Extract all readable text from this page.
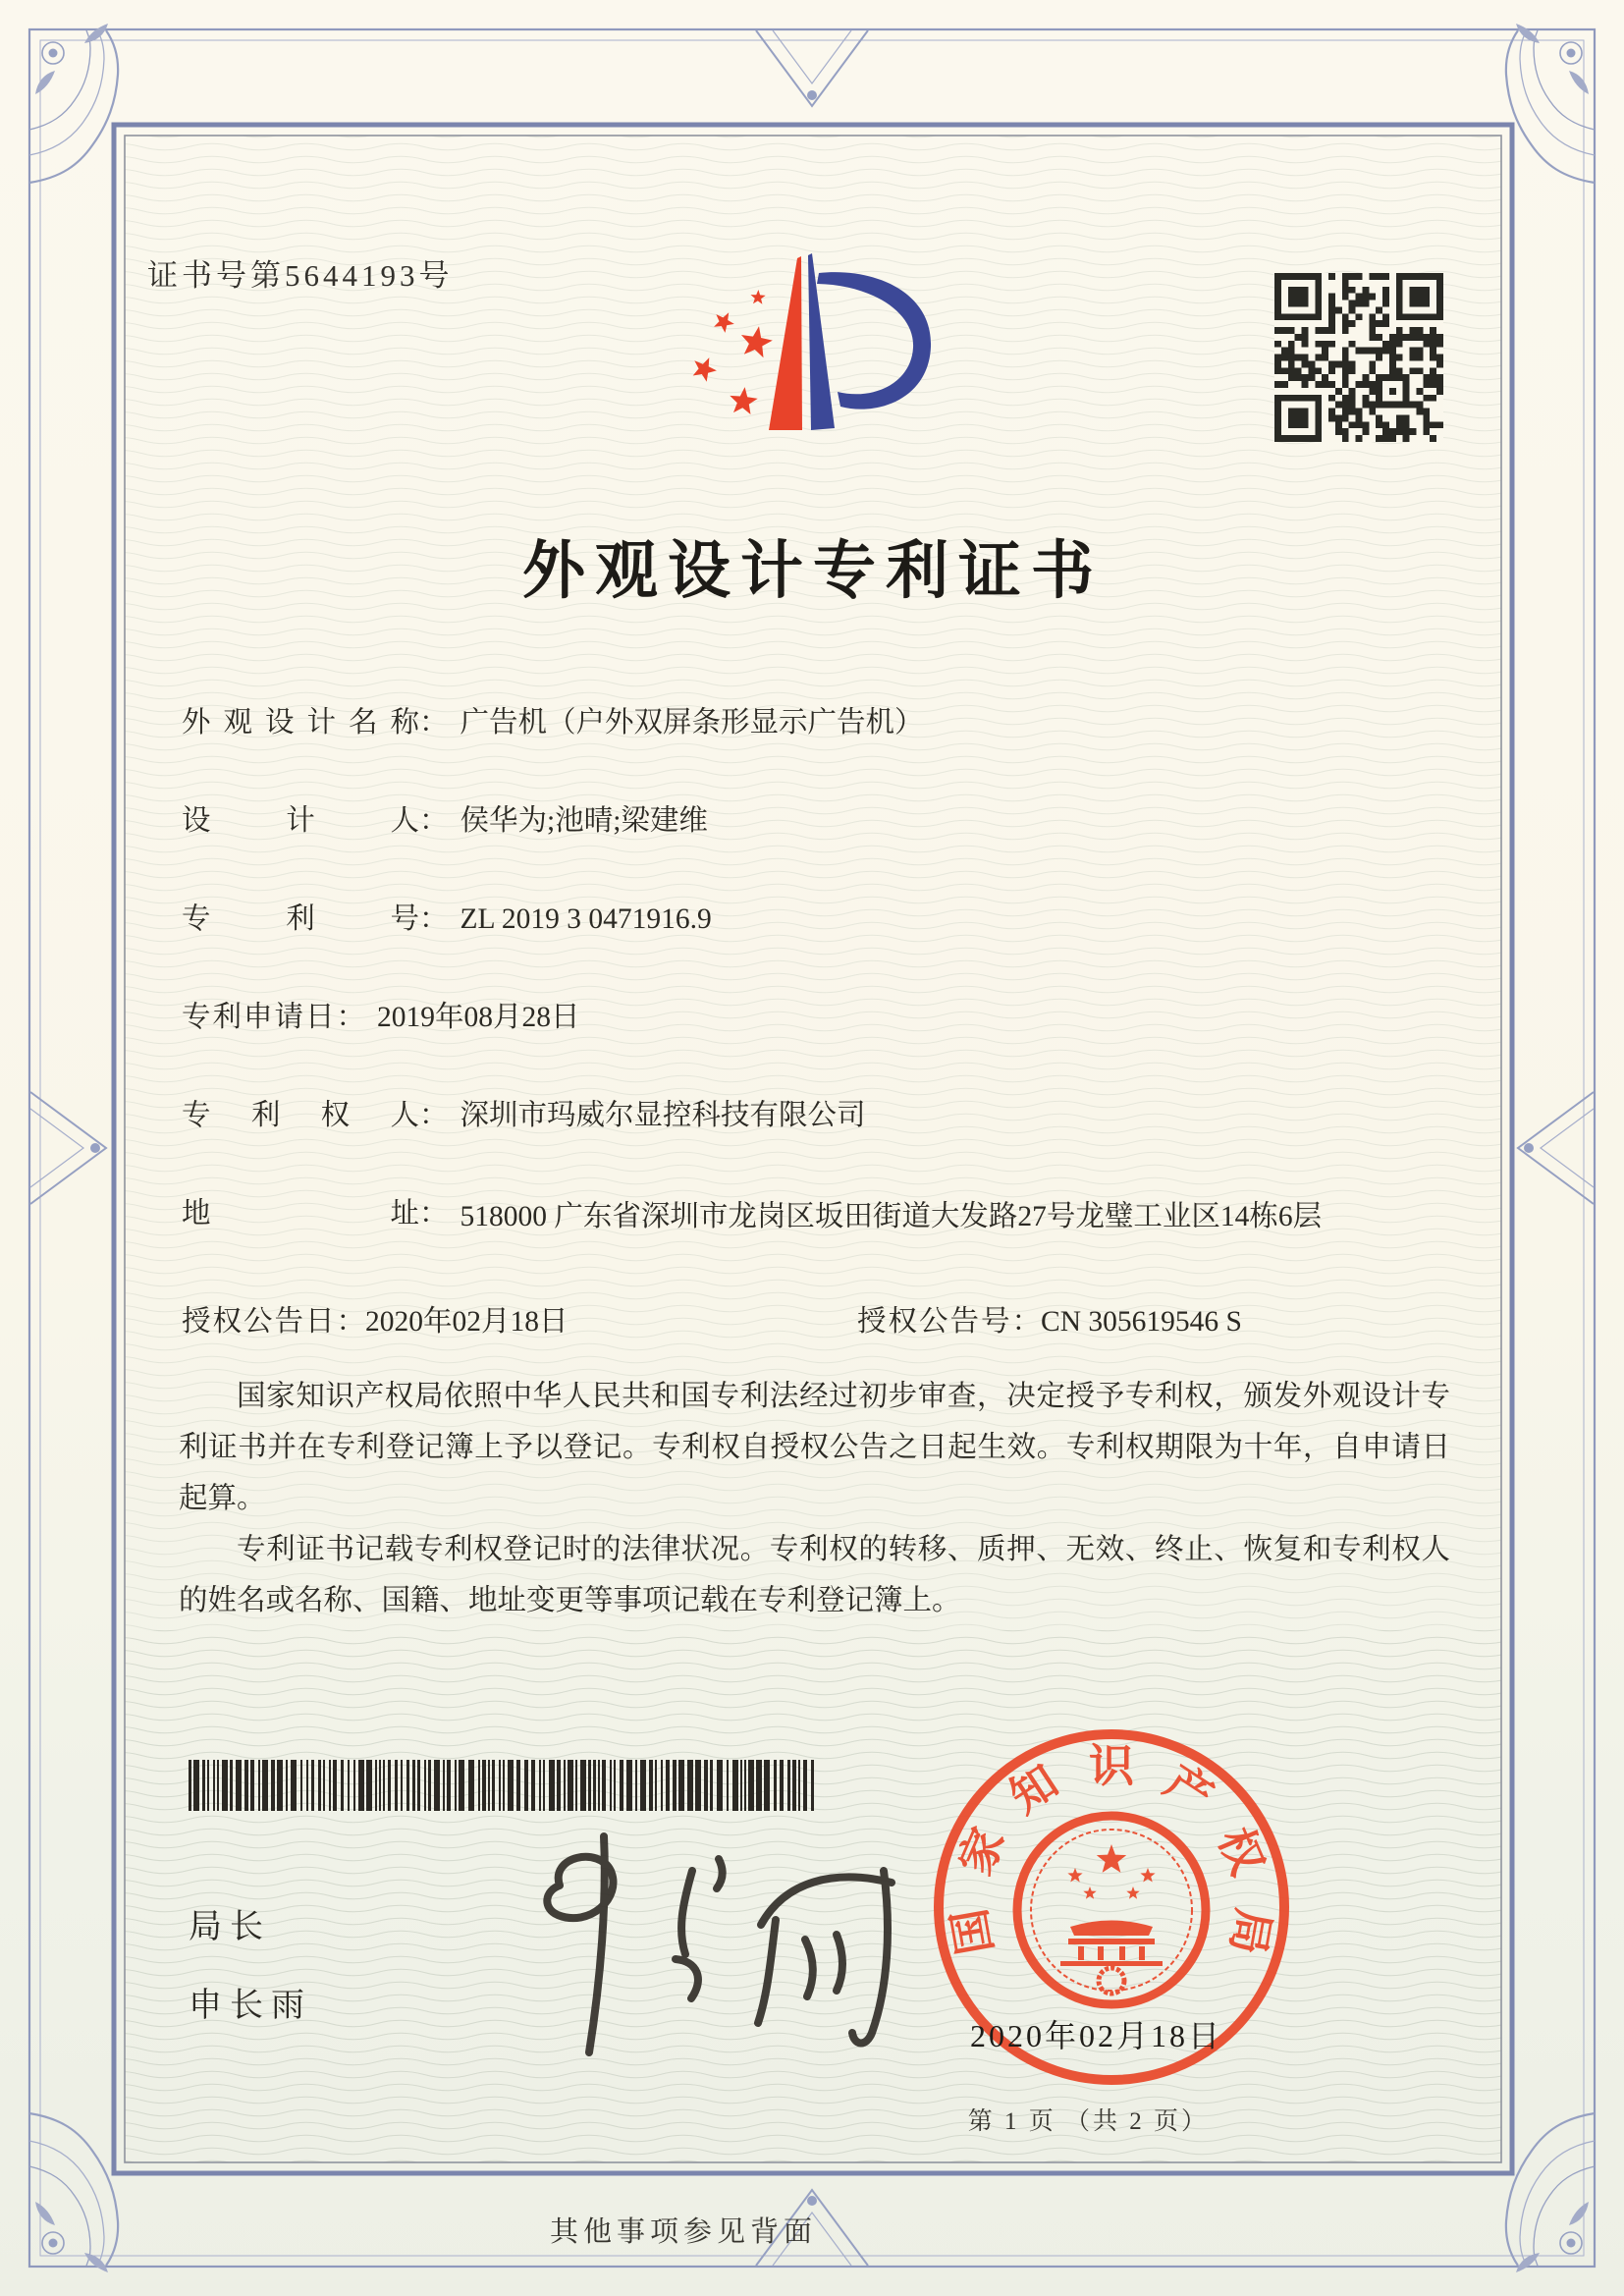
证书号第5644193号
外观设计专利证书
外观设计名称： 广告机（户外双屏条形显示广告机）
设计人： 侯华为;池晴;梁建维
专利号： ZL 2019 3 0471916.9
专利申请日： 2019年08月28日
专利权人： 深圳市玛威尔显控科技有限公司
地址： 518000 广东省深圳市龙岗区坂田街道大发路27号龙璧工业区14栋6层
授权公告日：2020年02月18日	授权公告号：CN 305619546 S

国家知识产权局依照中华人民共和国专利法经过初步审查，决定授予专利权，颁发外观设计专利证书并在专利登记簿上予以登记。专利权自授权公告之日起生效。专利权期限为十年，自申请日起算。

专利证书记载专利权登记时的法律状况。专利权的转移、质押、无效、终止、恢复和专利权人的姓名或名称、国籍、地址变更等事项记载在专利登记簿上。

局长
申长雨
国
家
知 识 产
权
局
2020年02月18日
第 1 页 （共 2 页）
其他事项参见背面
